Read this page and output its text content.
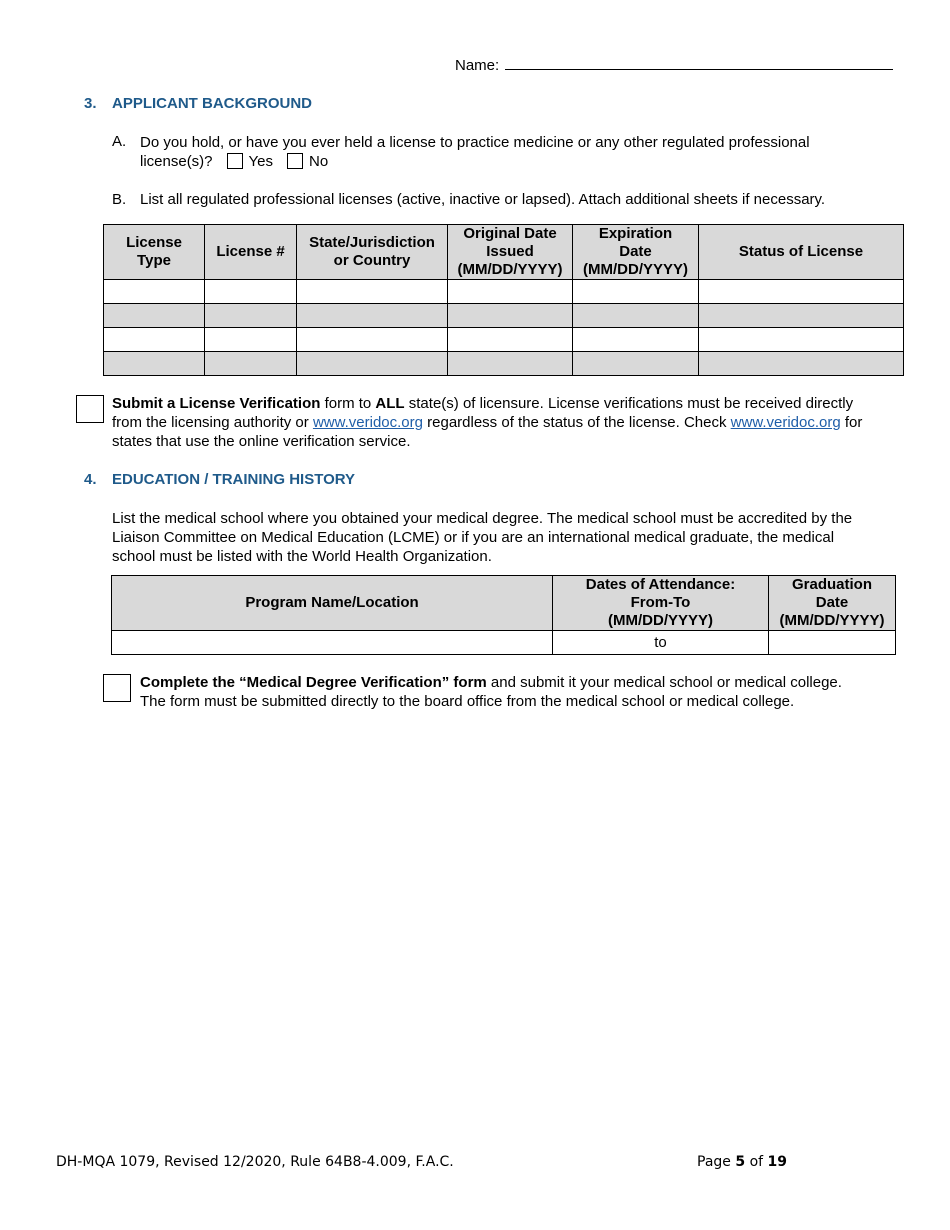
Name:
3. APPLICANT BACKGROUND
A. Do you hold, or have you ever held a license to practice medicine or any other regulated professional
license(s)? Yes No
B. List all regulated professional licenses (active, inactive or lapsed). Attach additional sheets if necessary.
License
Type	License #	State/Jurisdiction
or Country	Original Date
Issued
(MM/DD/YYYY)	Expiration
Date
(MM/DD/YYYY)	Status of License

Submit a License Verification form to ALL state(s) of licensure. License verifications must be received directly
from the licensing authority or www.veridoc.org regardless of the status of the license. Check www.veridoc.org for
states that use the online verification service.
4. EDUCATION / TRAINING HISTORY
List the medical school where you obtained your medical degree. The medical school must be accredited by the
Liaison Committee on Medical Education (LCME) or if you are an international medical graduate, the medical
school must be listed with the World Health Organization.
Program Name/Location	Dates of Attendance:
From-To
(MM/DD/YYYY)	Graduation
Date
(MM/DD/YYYY)
	to	
Complete the “Medical Degree Verification” form and submit it your medical school or medical college.
The form must be submitted directly to the board office from the medical school or medical college.
DH-MQA 1079, Revised 12/2020, Rule 64B8-4.009, F.A.C.	Page 5 of 19
